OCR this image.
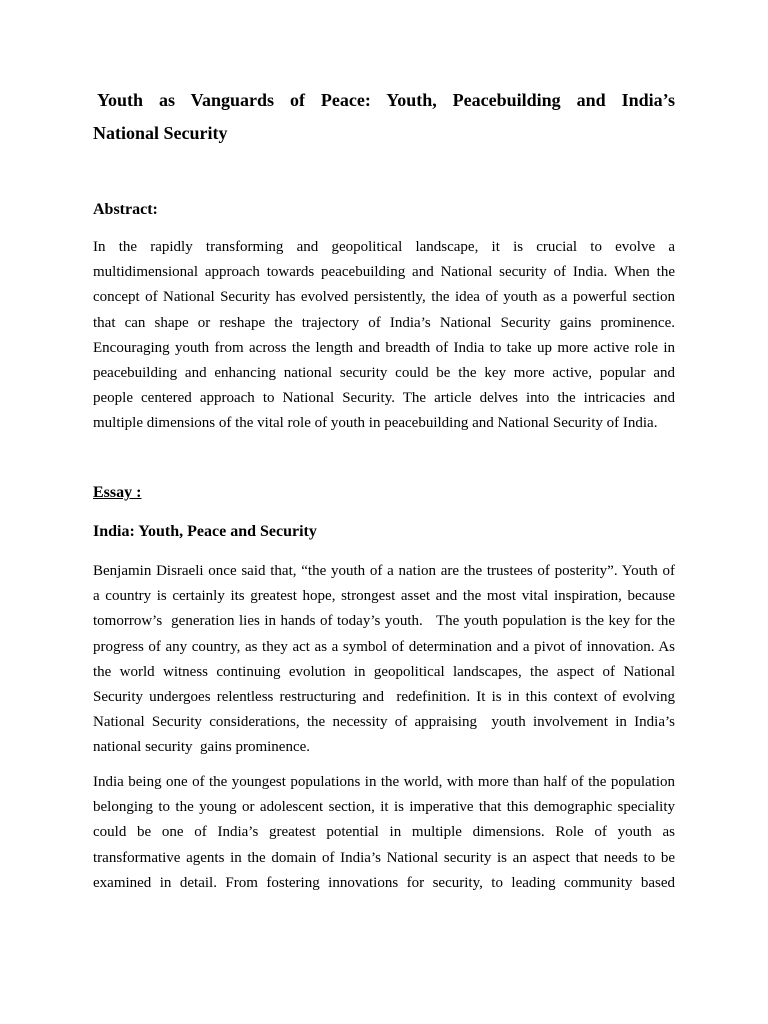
Youth as Vanguards of Peace: Youth, Peacebuilding and India’s
National Security
Abstract:

In the rapidly transforming and geopolitical landscape, it is crucial to evolve a
multidimensional approach towards peacebuilding and National security of India. When the
concept of National Security has evolved persistently, the idea of youth as a powerful section
that can shape or reshape the trajectory of India’s National Security gains prominence.
Encouraging youth from across the length and breadth of India to take up more active role in
peacebuilding and enhancing national security could be the key more active, popular and
people centered approach to National Security. The article delves into the intricacies and
multiple dimensions of the vital role of youth in peacebuilding and National Security of India.

Essay :
India: Youth, Peace and Security

Benjamin Disraeli once said that, “the youth of a nation are the trustees of posterity”. Youth of
a country is certainly its greatest hope, strongest asset and the most vital inspiration, because
tomorrow’s  generation lies in hands of today’s youth.   The youth population is the key for the
progress of any country, as they act as a symbol of determination and a pivot of innovation. As
the world witness continuing evolution in geopolitical landscapes, the aspect of National
Security undergoes relentless restructuring and  redefinition. It is in this context of evolving
National Security considerations, the necessity of appraising  youth involvement in India’s
national security  gains prominence.

India being one of the youngest populations in the world, with more than half of the population
belonging to the young or adolescent section, it is imperative that this demographic speciality
could be one of India’s greatest potential in multiple dimensions. Role of youth as
transformative agents in the domain of India’s National security is an aspect that needs to be
examined in detail. From fostering innovations for security, to leading community based
